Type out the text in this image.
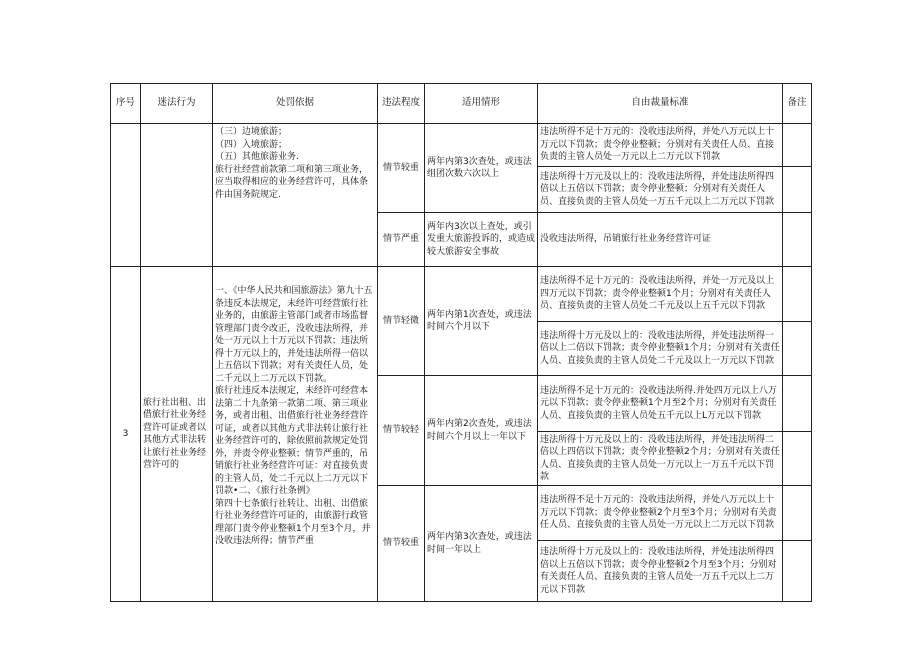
序号	迷法行为	处罚依据	违法程度	适用情形	自由裁量标准	备注
		（三）边境旅游；
（四）入境旅游；
（五）其他旅游业务.
旅行社经营前款第二项和第三项业务，应当取得相应的业务经营许可，具体条件由国务院规定.	情节较重	两年内第3次查处，或违法组团次数六次以上	违法所得不足十万元的：没收违法所得，并处八万元以上十万元以下罚款；责令停业整顿；分别对有关责任人员、直接负责的主管人员处一万元以上二万元以下罚款	
					违法所得十万元及以上的：没收违法所得，并处违法所得四倍以上五倍以下罚款；责令停业整顿；分别对有关责任人员、直接负责的主管人员处一万五千元以上二万元以下罚款	
			情节严重	两年内3次以上查处，或引发重大旅游投诉的，或造成较大旅游安全事故	没收违法所得，吊销旅行社业务经营许可证	
3	旅行社出租、出借旅行社业务经营许可证或者以其他方式非法转让旅行社业务经营许可的	一、《中华人民共和国旅游法》第九十五条违反本法规定，未经许可经营旅行社业务的，由旅游主管部门或者市场监督管理部门责令改正，没收违法所得，并处一万元以上十万元以下罚款；违法所得十万元以上的，并处违法所得一倍以上五倍以下罚款；对有关责任人员，处二千元以上二万元以下罚款。
旅行社违反本法规定，未经许可经营本法第二十九条第一款第二项、第三项业务，或者出租、出借旅行社业务经营许可证，或者以其他方式非法转让旅行社业务经营许可的，除依照前款规定处罚外，并责令停业整顿；情节严重的，吊销旅行社业务经营许可证：对直接负责的主管人员，处二千元以上二万元以下罚款•二、《旅行社条例》
第四十七条旅行社转让、出租、出借旅行社业务经营许可证的，由旅游行政管理部门责令停业整顿1个月至3个月，并没收违法所得；情节严重	情节轻微	两年内第1次查处，或违法时间六个月以下	违法所得不足十万元的：没收违法所得，并处一万元及以上四万元以下罚款；责令停业整顿1个月；分别对有关责任人员、直接负责的主管人员处二千元及以上五千元以下罚款	
					违法所得十万元及以上的：没收违法所得，并处违法所得一倍以上二倍以下罚款；责令停业整顿1个月；分别对有关责任人员、直接负责的主管人员处二千元及以上一万元以下罚款	
			情节较轻	两年内第2次查处，或违法时间六个月以上一年以下	违法所得不足十万元的：没收违法所得.并处四万元以上八万元以下罚款；责令停业整顿1个月至2个月；分别对有关责任人员、直接负责的主管人员处五千元以上L万元以下罚款	
					违法所得十万元及以上的：没收违法所得，并处违法所得二倍以上四倍以下罚款；责令停业整顿2个月；分别对有关责任人员、直接负责的主管人员处一万元以上一万五千元以下罚款	
			情节较重	两年内第3次查处，或违法时间一年以上	违法所得不足十万元的：没收违法所得，并处八万元以上十万元以下罚款；责令停业整顿2个月至3个月；分别对有关责任人员、直接负责的主管人员处一万元以上二万元以下罚款	
					违法所得十万元及以上的：没收违法所得，并处违法所得四倍以上五倍以下罚款；责令停业整顿2个月至3个月；分别对有关责任人员、直接负责的主管人员处一万五千元以上二万元以下罚款	
